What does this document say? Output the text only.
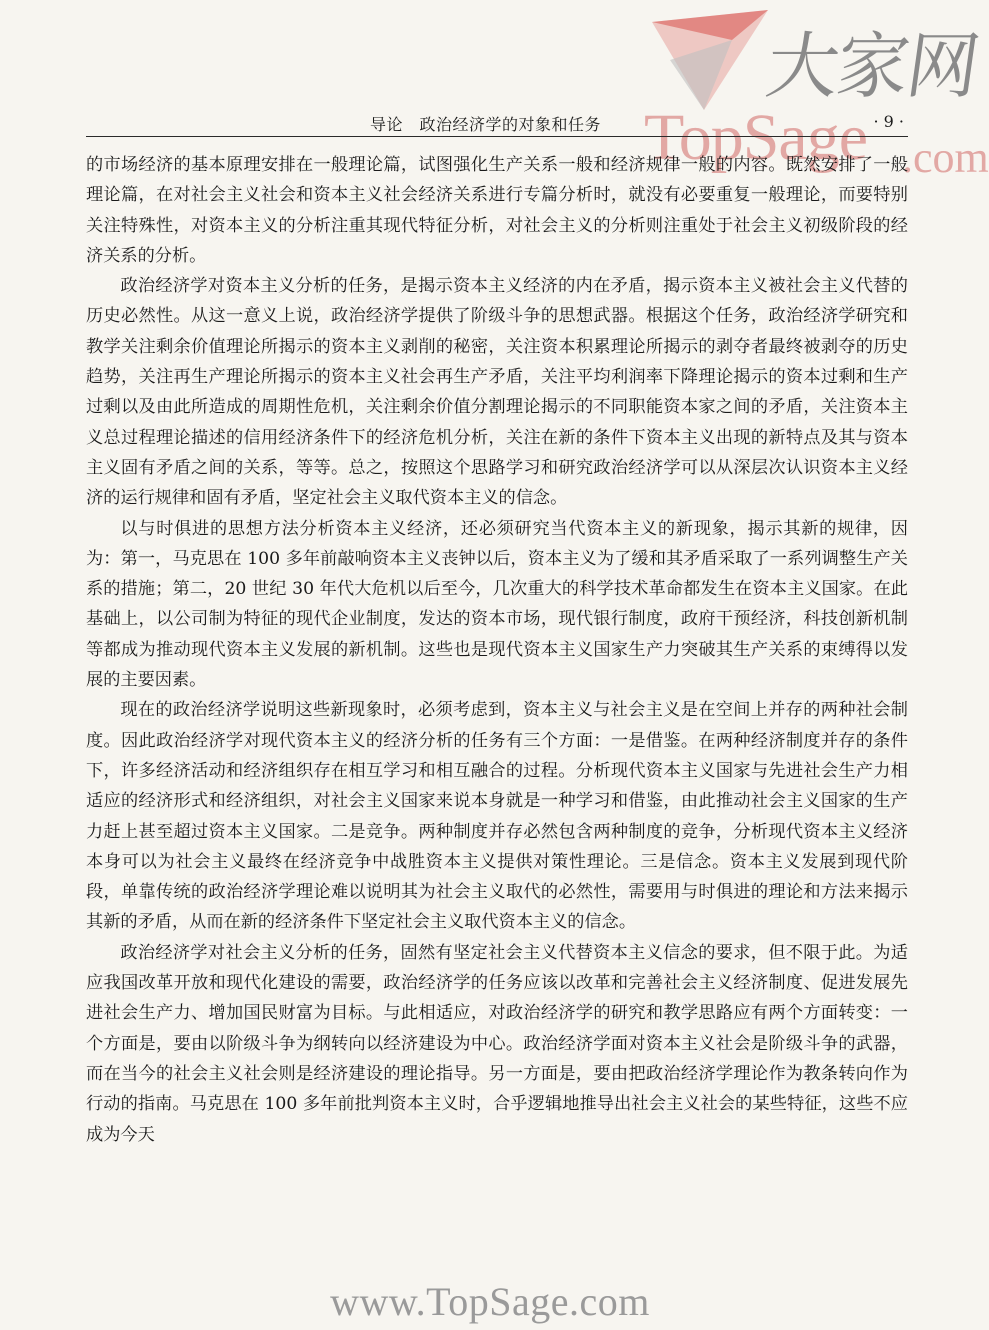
大家网
TopSage .com
导论　政治经济学的对象和任务	· 9 ·

的市场经济的基本原理安排在一般理论篇，试图强化生产关系一般和经济规律一般的内容。既然安排了一般理论篇，在对社会主义社会和资本主义社会经济关系进行专篇分析时，就没有必要重复一般理论，而要特别关注特殊性，对资本主义的分析注重其现代特征分析，对社会主义的分析则注重处于社会主义初级阶段的经济关系的分析。

政治经济学对资本主义分析的任务，是揭示资本主义经济的内在矛盾，揭示资本主义被社会主义代替的历史必然性。从这一意义上说，政治经济学提供了阶级斗争的思想武器。根据这个任务，政治经济学研究和教学关注剩余价值理论所揭示的资本主义剥削的秘密，关注资本积累理论所揭示的剥夺者最终被剥夺的历史趋势，关注再生产理论所揭示的资本主义社会再生产矛盾，关注平均利润率下降理论揭示的资本过剩和生产过剩以及由此所造成的周期性危机，关注剩余价值分割理论揭示的不同职能资本家之间的矛盾，关注资本主义总过程理论描述的信用经济条件下的经济危机分析，关注在新的条件下资本主义出现的新特点及其与资本主义固有矛盾之间的关系，等等。总之，按照这个思路学习和研究政治经济学可以从深层次认识资本主义经济的运行规律和固有矛盾，坚定社会主义取代资本主义的信念。

以与时俱进的思想方法分析资本主义经济，还必须研究当代资本主义的新现象，揭示其新的规律，因为：第一，马克思在 100 多年前敲响资本主义丧钟以后，资本主义为了缓和其矛盾采取了一系列调整生产关系的措施；第二，20 世纪 30 年代大危机以后至今，几次重大的科学技术革命都发生在资本主义国家。在此基础上，以公司制为特征的现代企业制度，发达的资本市场，现代银行制度，政府干预经济，科技创新机制等都成为推动现代资本主义发展的新机制。这些也是现代资本主义国家生产力突破其生产关系的束缚得以发展的主要因素。

现在的政治经济学说明这些新现象时，必须考虑到，资本主义与社会主义是在空间上并存的两种社会制度。因此政治经济学对现代资本主义的经济分析的任务有三个方面：一是借鉴。在两种经济制度并存的条件下，许多经济活动和经济组织存在相互学习和相互融合的过程。分析现代资本主义国家与先进社会生产力相适应的经济形式和经济组织，对社会主义国家来说本身就是一种学习和借鉴，由此推动社会主义国家的生产力赶上甚至超过资本主义国家。二是竞争。两种制度并存必然包含两种制度的竞争，分析现代资本主义经济本身可以为社会主义最终在经济竞争中战胜资本主义提供对策性理论。三是信念。资本主义发展到现代阶段，单靠传统的政治经济学理论难以说明其为社会主义取代的必然性，需要用与时俱进的理论和方法来揭示其新的矛盾，从而在新的经济条件下坚定社会主义取代资本主义的信念。

政治经济学对社会主义分析的任务，固然有坚定社会主义代替资本主义信念的要求，但不限于此。为适应我国改革开放和现代化建设的需要，政治经济学的任务应该以改革和完善社会主义经济制度、促进发展先进社会生产力、增加国民财富为目标。与此相适应，对政治经济学的研究和教学思路应有两个方面转变：一个方面是，要由以阶级斗争为纲转向以经济建设为中心。政治经济学面对资本主义社会是阶级斗争的武器，而在当今的社会主义社会则是经济建设的理论指导。另一方面是，要由把政治经济学理论作为教条转向作为行动的指南。马克思在 100 多年前批判资本主义时，合乎逻辑地推导出社会主义社会的某些特征，这些不应成为今天

www.TopSage.com
